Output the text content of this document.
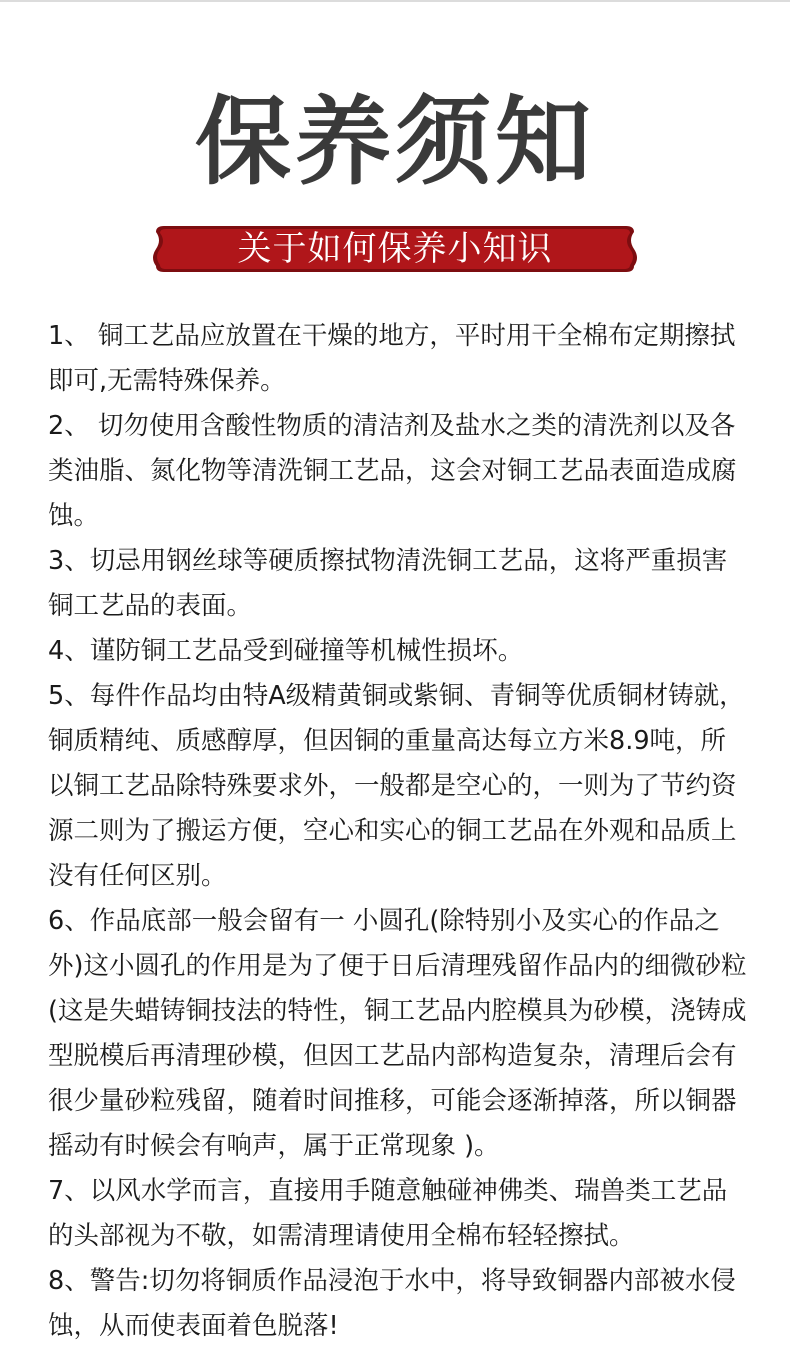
保养须知
关于如何保养小知识
1、 铜工艺品应放置在干燥的地方，平时用干全棉布定期擦拭即可,无需特殊保养。
2、 切勿使用含酸性物质的清洁剂及盐水之类的清洗剂以及各类油脂、氮化物等清洗铜工艺品，这会对铜工艺品表面造成腐蚀。
3、切忌用钢丝球等硬质擦拭物清洗铜工艺品，这将严重损害铜工艺品的表面。
4、谨防铜工艺品受到碰撞等机械性损坏。
5、每件作品均由特A级精黄铜或紫铜、青铜等优质铜材铸就，铜质精纯、质感醇厚，但因铜的重量高达每立方米8.9吨，所以铜工艺品除特殊要求外，一般都是空心的，一则为了节约资源二则为了搬运方便，空心和实心的铜工艺品在外观和品质上没有任何区别。
6、作品底部一般会留有一 小圆孔(除特别小及实心的作品之外)这小圆孔的作用是为了便于日后清理残留作品内的细微砂粒(这是失蜡铸铜技法的特性，铜工艺品内腔模具为砂模，浇铸成型脱模后再清理砂模，但因工艺品内部构造复杂，清理后会有很少量砂粒残留，随着时间推移，可能会逐渐掉落，所以铜器摇动有时候会有响声，属于正常现象 )。
7、以风水学而言，直接用手随意触碰神佛类、瑞兽类工艺品的头部视为不敬，如需清理请使用全棉布轻轻擦拭。
8、警告:切勿将铜质作品浸泡于水中，将导致铜器内部被水侵蚀，从而使表面着色脱落!
